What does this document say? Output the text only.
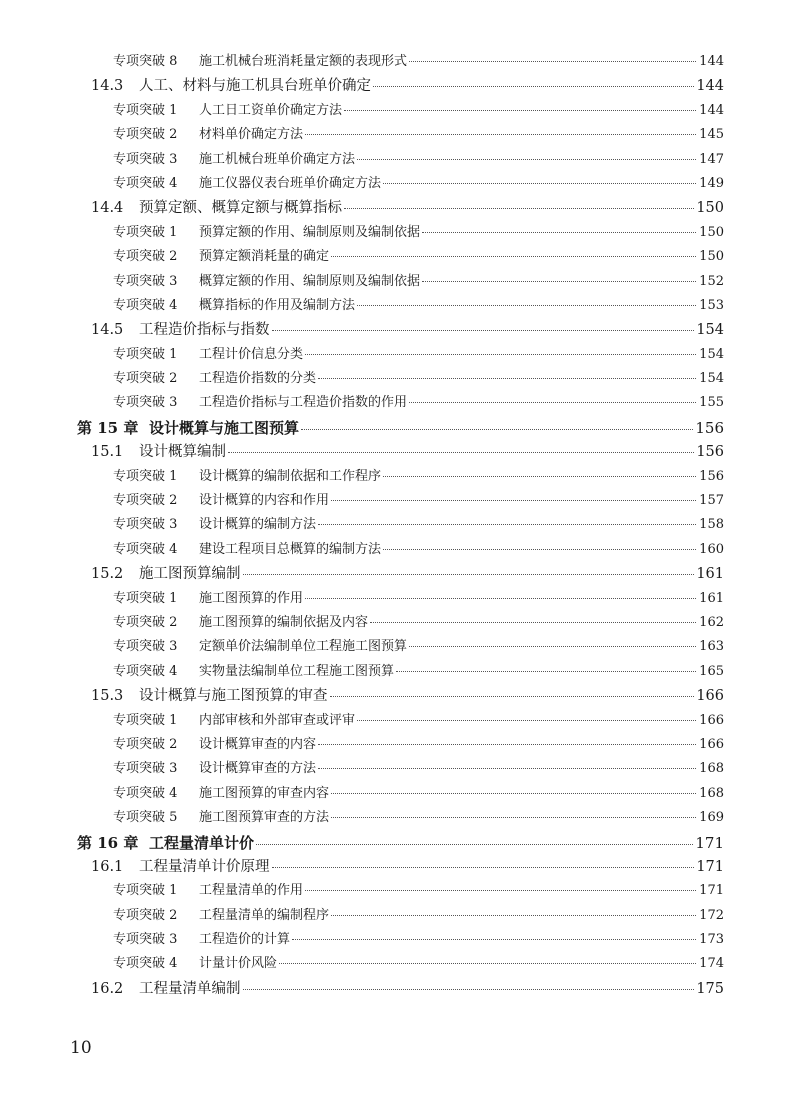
专项突破 8	施工机械台班消耗量定额的表现形式	144
14.3	人工、材料与施工机具台班单价确定	144
专项突破 1	人工日工资单价确定方法	144
专项突破 2	材料单价确定方法	145
专项突破 3	施工机械台班单价确定方法	147
专项突破 4	施工仪器仪表台班单价确定方法	149
14.4	预算定额、概算定额与概算指标	150
专项突破 1	预算定额的作用、编制原则及编制依据	150
专项突破 2	预算定额消耗量的确定	150
专项突破 3	概算定额的作用、编制原则及编制依据	152
专项突破 4	概算指标的作用及编制方法	153
14.5	工程造价指标与指数	154
专项突破 1	工程计价信息分类	154
专项突破 2	工程造价指数的分类	154
专项突破 3	工程造价指标与工程造价指数的作用	155
第 15 章 设计概算与施工图预算	156
15.1	设计概算编制	156
专项突破 1	设计概算的编制依据和工作程序	156
专项突破 2	设计概算的内容和作用	157
专项突破 3	设计概算的编制方法	158
专项突破 4	建设工程项目总概算的编制方法	160
15.2	施工图预算编制	161
专项突破 1	施工图预算的作用	161
专项突破 2	施工图预算的编制依据及内容	162
专项突破 3	定额单价法编制单位工程施工图预算	163
专项突破 4	实物量法编制单位工程施工图预算	165
15.3	设计概算与施工图预算的审查	166
专项突破 1	内部审核和外部审查或评审	166
专项突破 2	设计概算审查的内容	166
专项突破 3	设计概算审查的方法	168
专项突破 4	施工图预算的审查内容	168
专项突破 5	施工图预算审查的方法	169
第 16 章 工程量清单计价	171
16.1	工程量清单计价原理	171
专项突破 1	工程量清单的作用	171
专项突破 2	工程量清单的编制程序	172
专项突破 3	工程造价的计算	173
专项突破 4	计量计价风险	174
16.2	工程量清单编制	175
10
